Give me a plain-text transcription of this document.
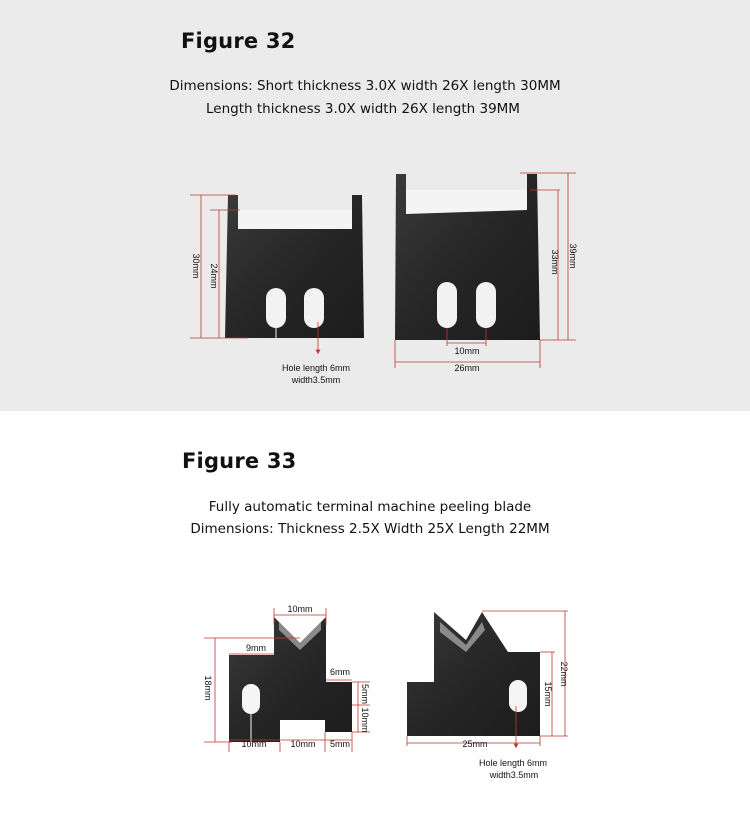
Figure 32
Dimensions: Short thickness 3.0X width 26X length 30MM
Length thickness 3.0X width 26X length 39MM
Figure 33
Fully automatic terminal machine peeling blade
Dimensions: Thickness 2.5X Width 25X Length 22MM
30mm 24mm
39mm
33mm
10mm
26mm
Hole length 6mm
width3.5mm
10mm
9mm
6mm
18mm	5mm
10mm
10mm	10mm 5mm
22mm
15mm
25mm
Hole length 6mm
width3.5mm
